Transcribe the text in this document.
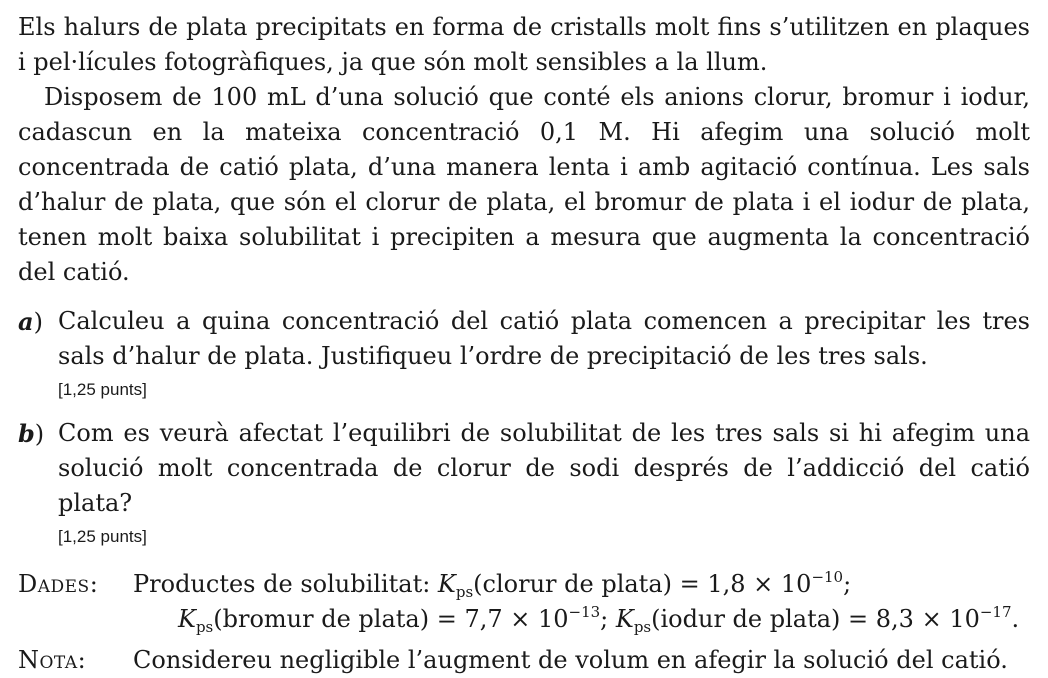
Els halurs de plata precipitats en forma de cristalls molt fins s’utilitzen en plaques i pel·lícules fotogràfiques, ja que són molt sensibles a la llum.

Disposem de 100 mL d’una solució que conté els anions clorur, bromur i iodur, cadascun en la mateixa concentració 0,1 M. Hi afegim una solució molt concentrada de catió plata, d’una manera lenta i amb agitació contínua. Les sals d’halur de plata, que són el clorur de plata, el bromur de plata i el iodur de plata, tenen molt baixa solubilitat i precipiten a mesura que augmenta la concentració del catió.

a) Calculeu a quina concentració del catió plata comencen a precipitar les tres sals d’halur de plata. Justifiqueu l’ordre de precipitació de les tres sals.

[1,25 punts]
b) Com es veurà afectat l’equilibri de solubilitat de les tres sals si hi afegim una solució molt concentrada de clorur de sodi després de l’addicció del catió plata?

[1,25 punts]
Dades: Productes de solubilitat: $K_{ps}(clorur$ de plata) = $1,8 \times 10^{-10}$;
$K_{ps}(bromur$ de plata) = $7,7 \times 10^{-13}$; $K_{ps}(iodur$ de plata) = $8,3 \times 10^{-17}$.
Nota: Considereu negligible l’augment de volum en afegir la solució del catió.
